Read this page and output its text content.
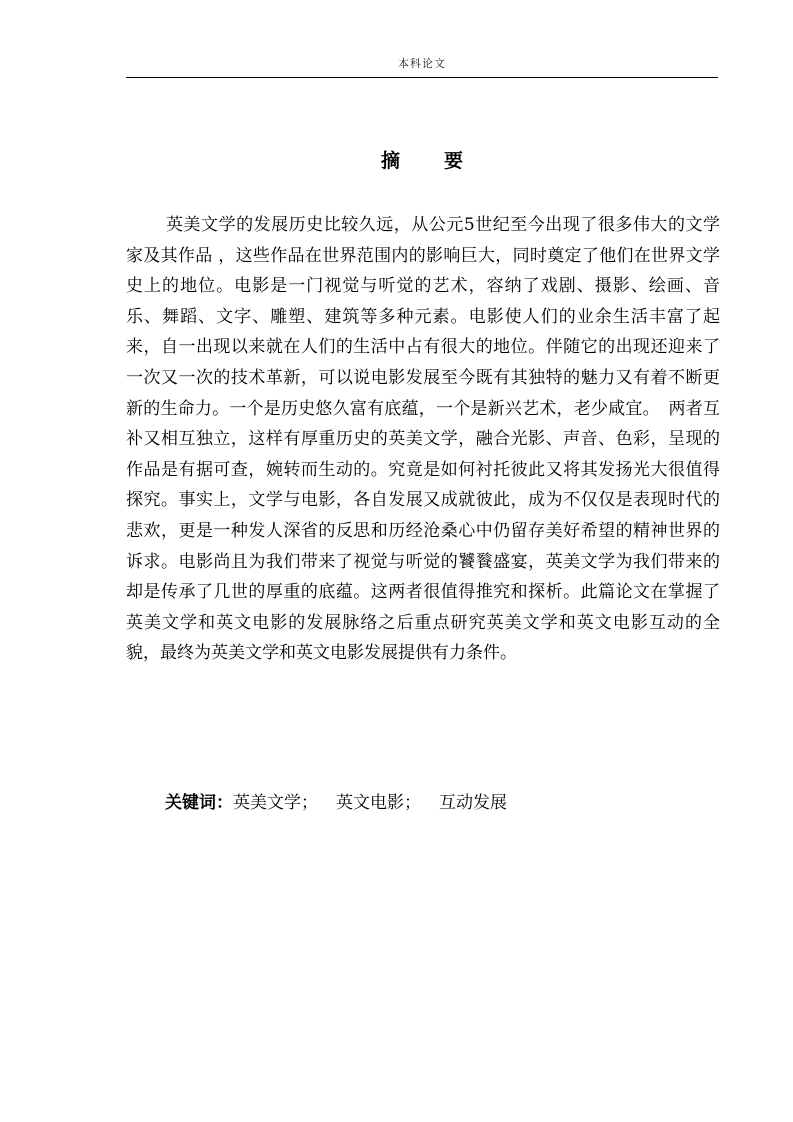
本科论文
摘要

英美文学的发展历史比较久远，从公元5世纪至今出现了很多伟大的文学家及其作品 ，这些作品在世界范围内的影响巨大，同时奠定了他们在世界文学史上的地位。电影是一门视觉与听觉的艺术，容纳了戏剧、摄影、绘画、音乐、舞蹈、文字、雕塑、建筑等多种元素。电影使人们的业余生活丰富了起来，自一出现以来就在人们的生活中占有很大的地位。伴随它的出现还迎来了一次又一次的技术革新，可以说电影发展至今既有其独特的魅力又有着不断更新的生命力。一个是历史悠久富有底蕴，一个是新兴艺术，老少咸宜。　两者互补又相互独立，这样有厚重历史的英美文学，融合光影、声音、色彩，呈现的作品是有据可查，婉转而生动的。究竟是如何衬托彼此又将其发扬光大很值得探究。事实上，文学与电影，各自发展又成就彼此，成为不仅仅是表现时代的悲欢，更是一种发人深省的反思和历经沧桑心中仍留存美好希望的精神世界的诉求。电影尚且为我们带来了视觉与听觉的饕餮盛宴，英美文学为我们带来的却是传承了几世的厚重的底蕴。这两者很值得推究和探析。此篇论文在掌握了英美文学和英文电影的发展脉络之后重点研究英美文学和英文电影互动的全貌，最终为英美文学和英文电影发展提供有力条件。

关键词：英美文学； 英文电影； 互动发展
